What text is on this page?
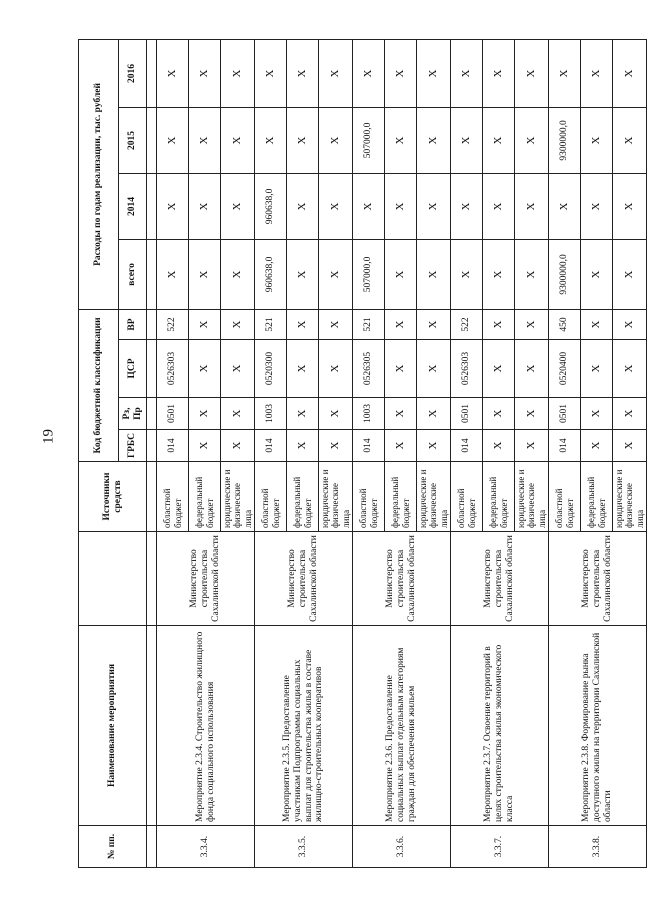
19
№ пп.	Наименование мероприятия		Источники средств	Код бюджетной классификации				Расходы по годам реализации, тыс. рублей			
				ГРБС	Рз, Пр	ЦСР	ВР	всего	2014	2015	2016

3.3.4.	Мероприятие 2.3.4. Строительство жилищного фонда социального использования	Министерство строительства Сахалинской области	областной бюджет	014	0501	0526303	522	Х	Х	Х	Х
			федеральный бюджет	Х	Х	Х	Х	Х	Х	Х	Х
			юридические и физические лица	Х	Х	Х	Х	Х	Х	Х	Х
3.3.5.	Мероприятие 2.3.5. Предоставление участникам Подпрограммы социальных выплат для строительства жилья в составе жилищно-строительных кооперативов	Министерство строительства Сахалинской области	областной бюджет	014	1003	0520300	521	960638,0	960638,0	Х	Х
			федеральный бюджет	Х	Х	Х	Х	Х	Х	Х	Х
			юридические и физические лица	Х	Х	Х	Х	Х	Х	Х	Х
3.3.6.	Мероприятие 2.3.6. Предоставление социальных выплат отдельным категориям граждан для обеспечения жильем	Министерство строительства Сахалинской области	областной бюджет	014	1003	0526305	521	507000,0	Х	507000,0	Х
			федеральный бюджет	Х	Х	Х	Х	Х	Х	Х	Х
			юридические и физические лица	Х	Х	Х	Х	Х	Х	Х	Х
3.3.7.	Мероприятие 2.3.7. Освоение территорий в целях строительства жилья экономического класса	Министерство строительства Сахалинской области	областной бюджет	014	0501	0526303	522	Х	Х	Х	Х
			федеральный бюджет	Х	Х	Х	Х	Х	Х	Х	Х
			юридические и физические лица	Х	Х	Х	Х	Х	Х	Х	Х
3.3.8.	Мероприятие 2.3.8. Формирование рынка доступного жилья на территории Сахалинской области	Министерство строительства Сахалинской области	областной бюджет	014	0501	0520400	450	9300000,0	Х	9300000,0	Х
			федеральный бюджет	Х	Х	Х	Х	Х	Х	Х	Х
			юридические и физические лица	Х	Х	Х	Х	Х	Х	Х	Х
